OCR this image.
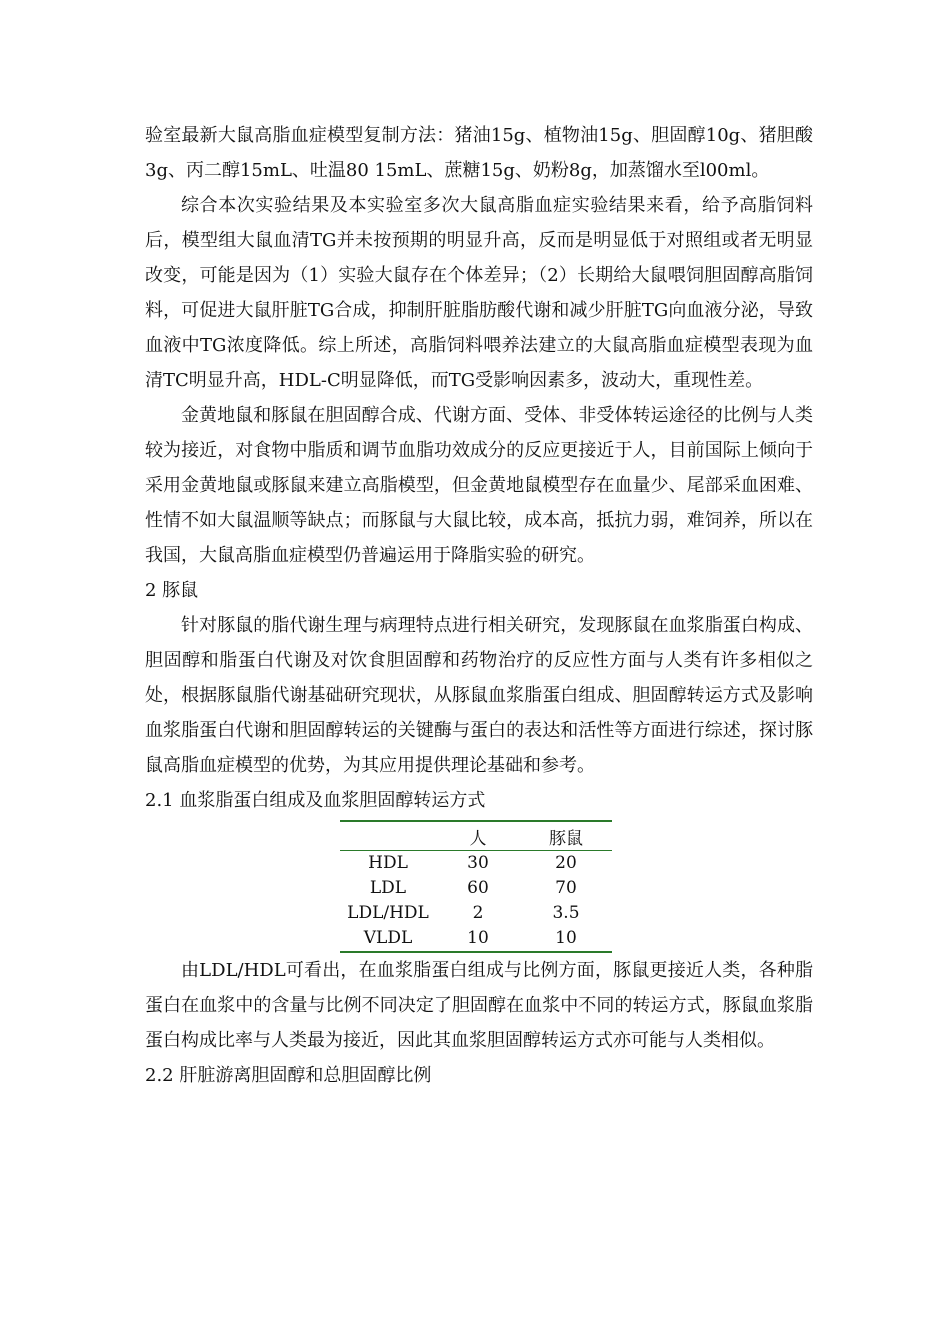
验室最新大鼠高脂血症模型复制方法：猪油15g、植物油15g、胆固醇10g、猪胆酸3g、丙二醇15mL、吐温80 15mL、蔗糖15g、奶粉8g，加蒸馏水至l00ml。

综合本次实验结果及本实验室多次大鼠高脂血症实验结果来看，给予高脂饲料后，模型组大鼠血清TG并未按预期的明显升高，反而是明显低于对照组或者无明显改变，可能是因为（1）实验大鼠存在个体差异；（2）长期给大鼠喂饲胆固醇高脂饲料，可促进大鼠肝脏TG合成，抑制肝脏脂肪酸代谢和减少肝脏TG向血液分泌，导致血液中TG浓度降低。综上所述，高脂饲料喂养法建立的大鼠高脂血症模型表现为血清TC明显升高，HDL-C明显降低，而TG受影响因素多，波动大，重现性差。

金黄地鼠和豚鼠在胆固醇合成、代谢方面、受体、非受体转运途径的比例与人类较为接近，对食物中脂质和调节血脂功效成分的反应更接近于人，目前国际上倾向于采用金黄地鼠或豚鼠来建立高脂模型，但金黄地鼠模型存在血量少、尾部采血困难、性情不如大鼠温顺等缺点；而豚鼠与大鼠比较，成本高，抵抗力弱，难饲养，所以在我国，大鼠高脂血症模型仍普遍运用于降脂实验的研究。

2 豚鼠

针对豚鼠的脂代谢生理与病理特点进行相关研究，发现豚鼠在血浆脂蛋白构成、胆固醇和脂蛋白代谢及对饮食胆固醇和药物治疗的反应性方面与人类有许多相似之处，根据豚鼠脂代谢基础研究现状，从豚鼠血浆脂蛋白组成、胆固醇转运方式及影响血浆脂蛋白代谢和胆固醇转运的关键酶与蛋白的表达和活性等方面进行综述，探讨豚鼠高脂血症模型的优势，为其应用提供理论基础和参考。

2.1 血浆脂蛋白组成及血浆胆固醇转运方式

	人	豚鼠
HDL	30	20
LDL	60	70
LDL/HDL	2	3.5
VLDL	10	10

由LDL/HDL可看出，在血浆脂蛋白组成与比例方面，豚鼠更接近人类，各种脂蛋白在血浆中的含量与比例不同决定了胆固醇在血浆中不同的转运方式，豚鼠血浆脂蛋白构成比率与人类最为接近，因此其血浆胆固醇转运方式亦可能与人类相似。

2.2 肝脏游离胆固醇和总胆固醇比例
